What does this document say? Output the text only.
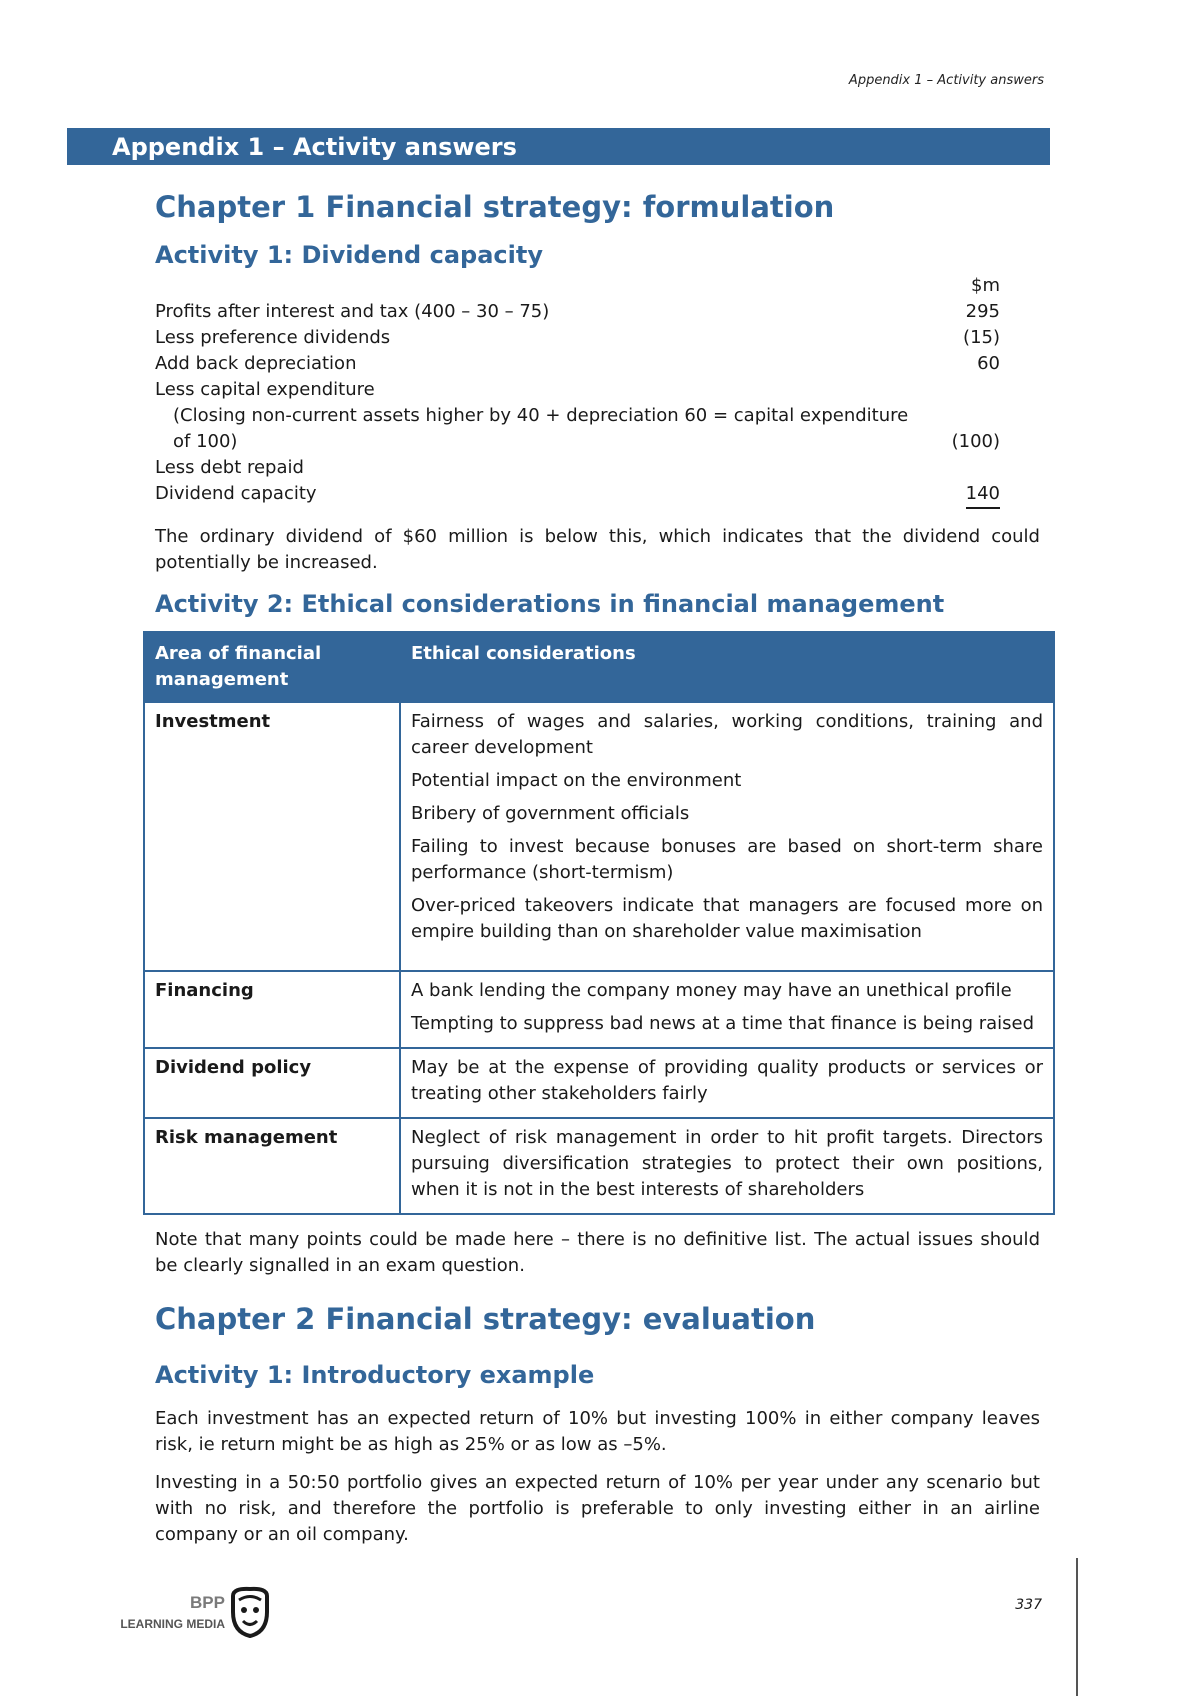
Appendix 1 – Activity answers
Appendix 1 – Activity answers
Chapter 1 Financial strategy: formulation
Activity 1: Dividend capacity
$m
Profits after interest and tax (400 – 30 – 75)	295
Less preference dividends	(15)
Add back depreciation	60
Less capital expenditure
(Closing non-current assets higher by 40 + depreciation 60 = capital expenditure
of 100)	(100)
Less debt repaid
Dividend capacity	140

The ordinary dividend of $60 million is below this, which indicates that the dividend could potentially be increased.

Activity 2: Ethical considerations in financial management
Area of financial management	Ethical considerations
Investment	Fairness of wages and salaries, working conditions, training and career development

Potential impact on the environment

Bribery of government officials

Failing to invest because bonuses are based on short-term share performance (short-termism)

Over-priced takeovers indicate that managers are focused more on empire building than on shareholder value maximisation

Financing	A bank lending the company money may have an unethical profile

Tempting to suppress bad news at a time that finance is being raised

Dividend policy	May be at the expense of providing quality products or services or treating other stakeholders fairly

Risk management	Neglect of risk management in order to hit profit targets. Directors pursuing diversification strategies to protect their own positions, when it is not in the best interests of shareholders

Note that many points could be made here – there is no definitive list. The actual issues should be clearly signalled in an exam question.

Chapter 2 Financial strategy: evaluation
Activity 1: Introductory example

Each investment has an expected return of 10% but investing 100% in either company leaves risk, ie return might be as high as 25% or as low as –5%.

Investing in a 50:50 portfolio gives an expected return of 10% per year under any scenario but with no risk, and therefore the portfolio is preferable to only investing either in an airline company or an oil company.

BPP
LEARNING MEDIA
337
